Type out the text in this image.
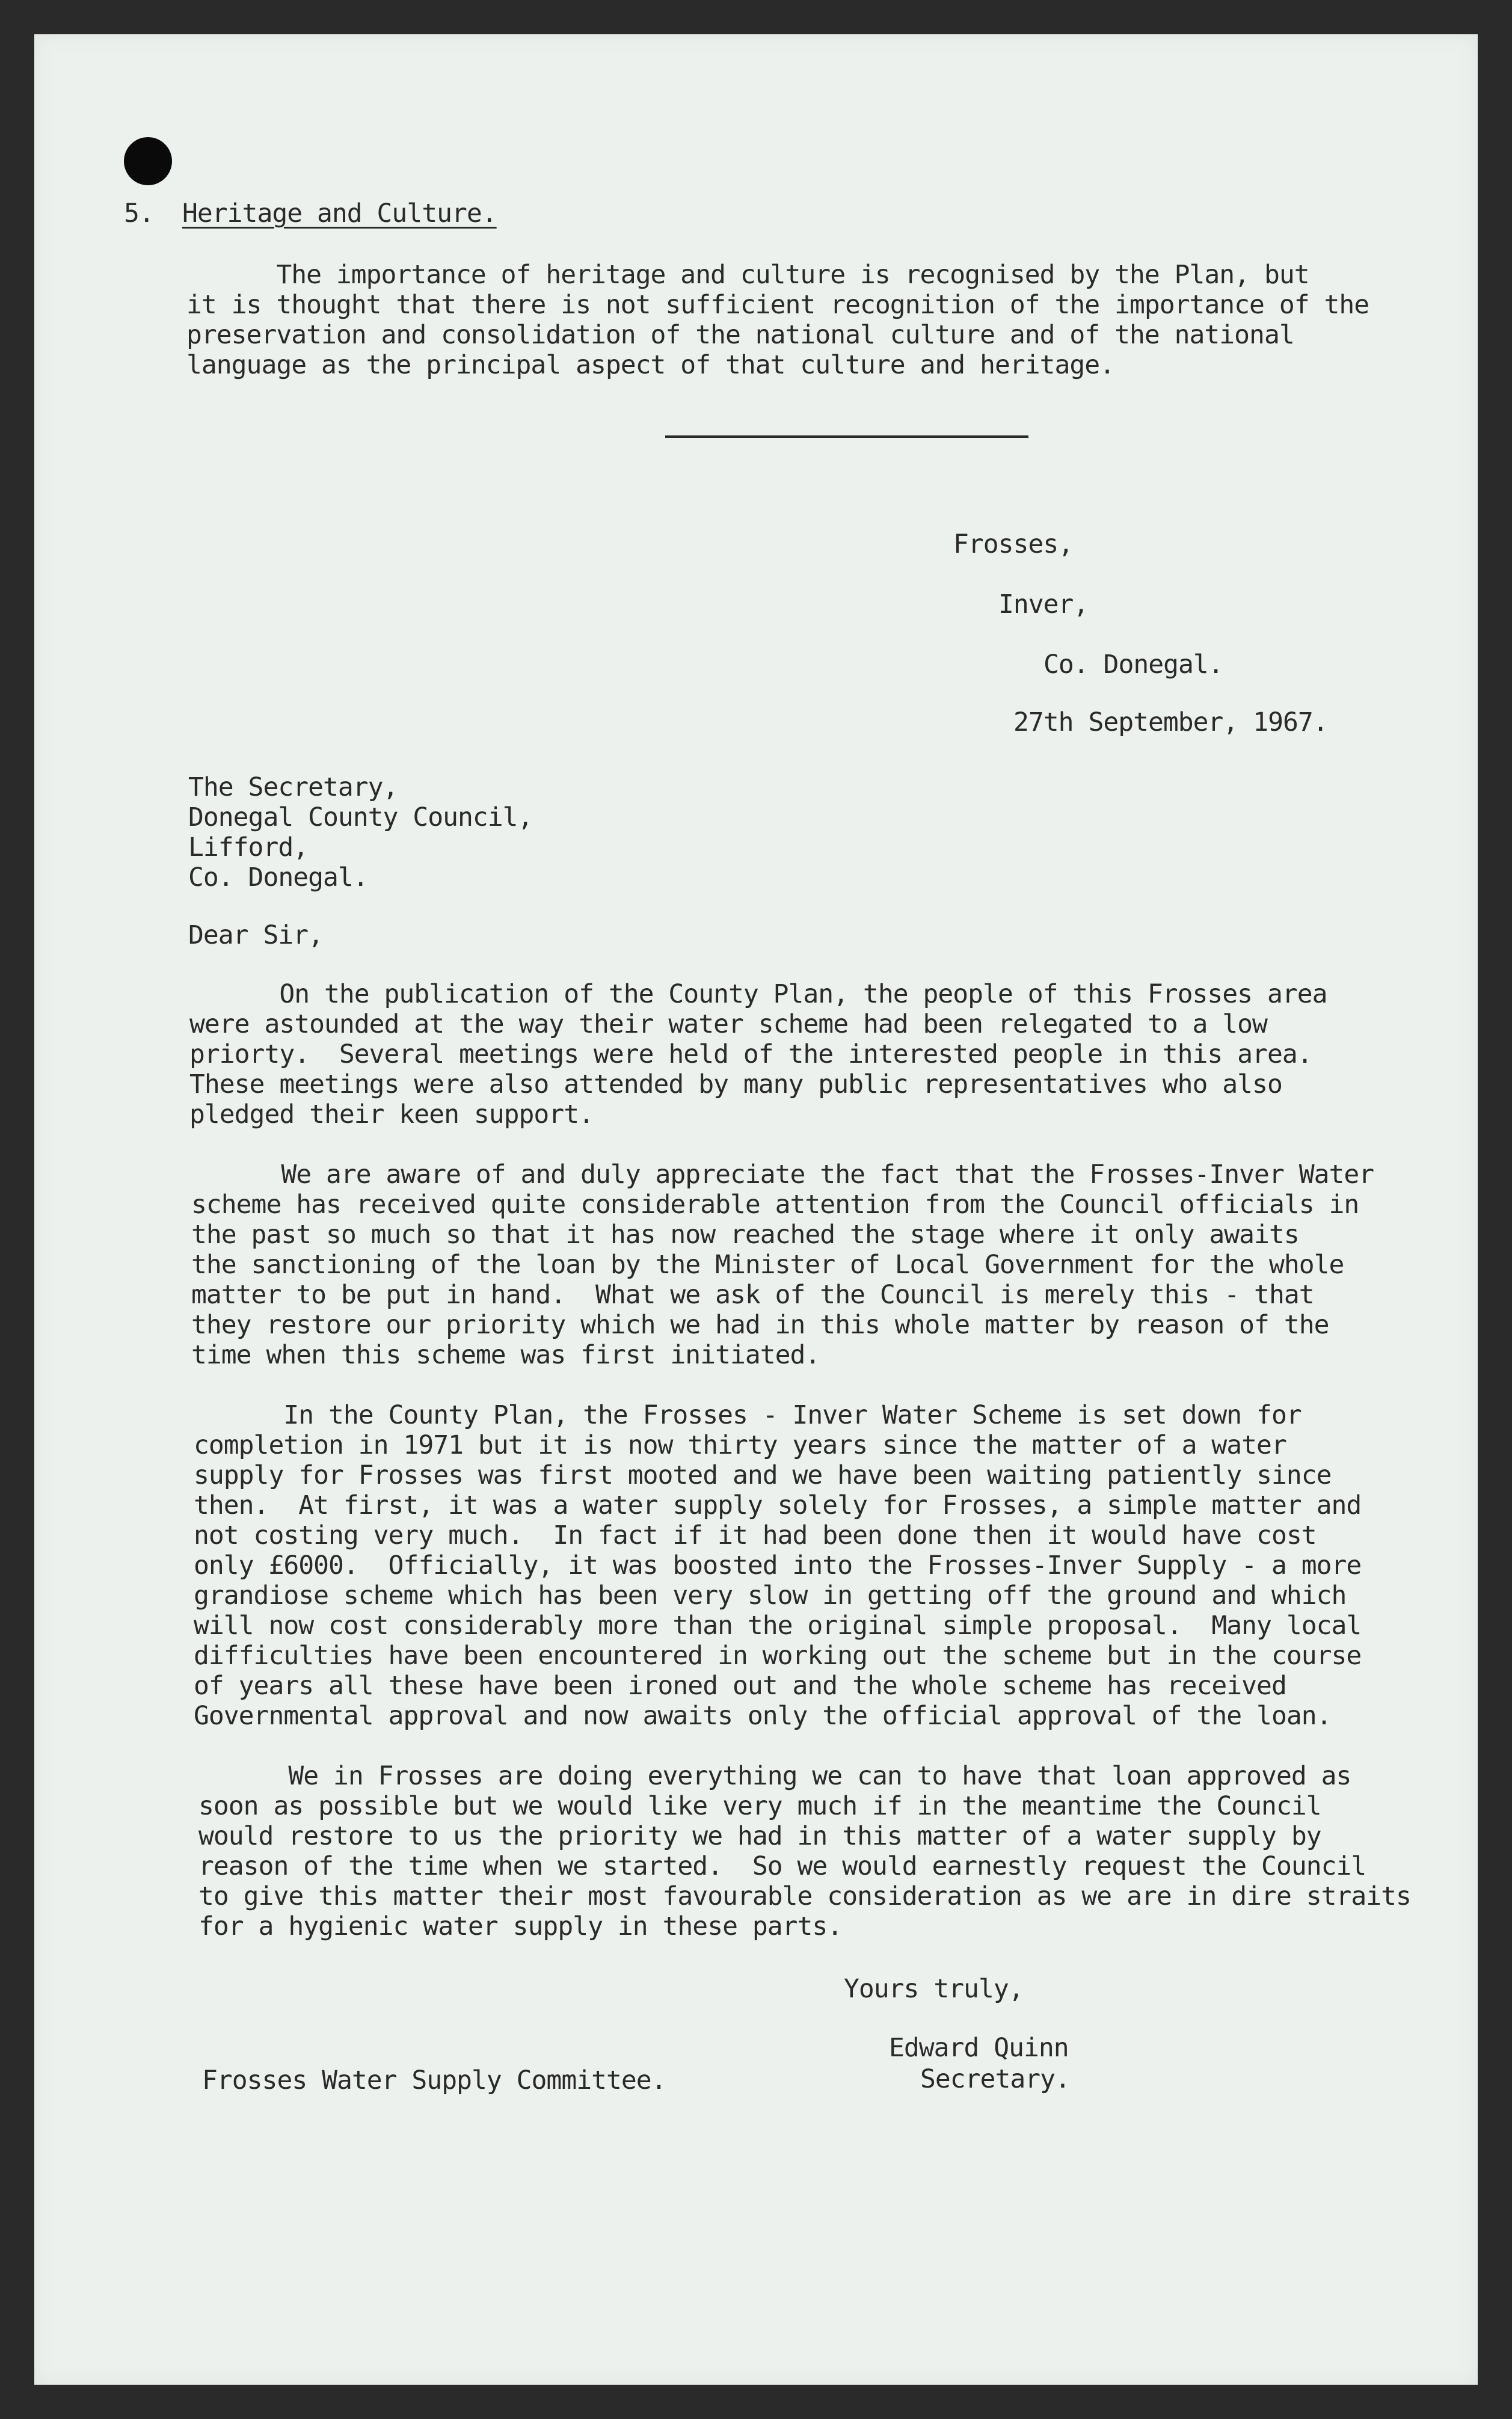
5. Heritage and Culture.
The importance of heritage and culture is recognised by the Plan, but
it is thought that there is not sufficient recognition of the importance of the
preservation and consolidation of the national culture and of the national
language as the principal aspect of that culture and heritage.
Frosses,
Inver,
Co. Donegal.
27th September, 1967.
The Secretary,
Donegal County Council,
Lifford,
Co. Donegal.
Dear Sir,
On the publication of the County Plan, the people of this Frosses area
were astounded at the way their water scheme had been relegated to a low
priorty.  Several meetings were held of the interested people in this area.
These meetings were also attended by many public representatives who also
pledged their keen support.
We are aware of and duly appreciate the fact that the Frosses-Inver Water
scheme has received quite considerable attention from the Council officials in
the past so much so that it has now reached the stage where it only awaits
the sanctioning of the loan by the Minister of Local Government for the whole
matter to be put in hand.  What we ask of the Council is merely this - that
they restore our priority which we had in this whole matter by reason of the
time when this scheme was first initiated.
In the County Plan, the Frosses - Inver Water Scheme is set down for
completion in 1971 but it is now thirty years since the matter of a water
supply for Frosses was first mooted and we have been waiting patiently since
then.  At first, it was a water supply solely for Frosses, a simple matter and
not costing very much.  In fact if it had been done then it would have cost
only £6000.  Officially, it was boosted into the Frosses-Inver Supply - a more
grandiose scheme which has been very slow in getting off the ground and which
will now cost considerably more than the original simple proposal.  Many local
difficulties have been encountered in working out the scheme but in the course
of years all these have been ironed out and the whole scheme has received
Governmental approval and now awaits only the official approval of the loan.
We in Frosses are doing everything we can to have that loan approved as
soon as possible but we would like very much if in the meantime the Council
would restore to us the priority we had in this matter of a water supply by
reason of the time when we started.  So we would earnestly request the Council
to give this matter their most favourable consideration as we are in dire straits
for a hygienic water supply in these parts.
Yours truly,
Edward Quinn
Secretary.
Frosses Water Supply Committee.
